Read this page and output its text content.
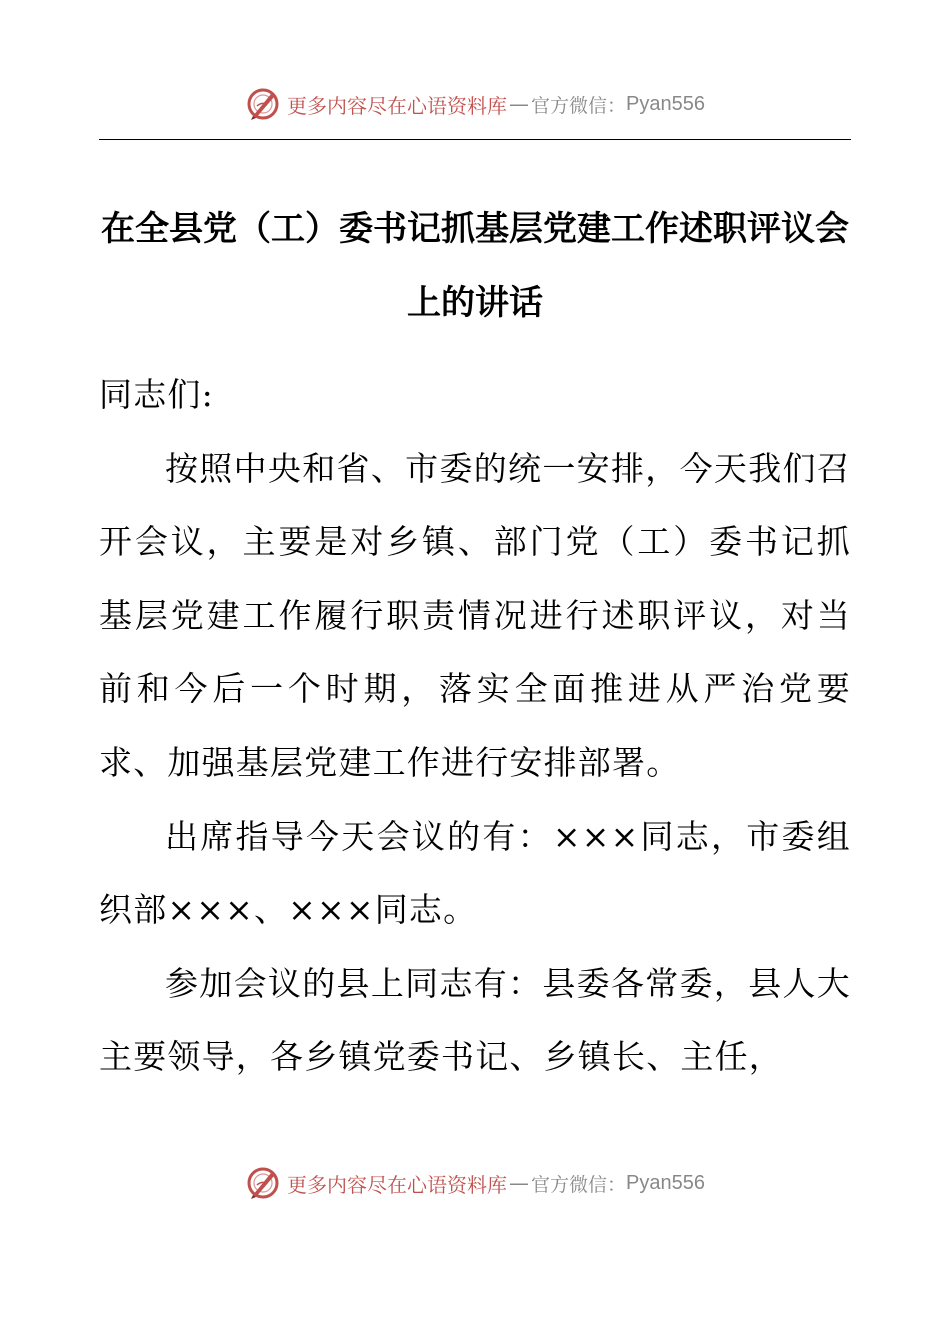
更多内容尽在心语资料库 — 官方微信： Pyan556
在全县党（工）委书记抓基层党建工作述职评议会上的讲话

同志们:

按照中央和省、市委的统一安排，今天我们召开会议，主要是对乡镇、部门党（工）委书记抓基层党建工作履行职责情况进行述职评议，对当前和今后一个时期，落实全面推进从严治党要求、加强基层党建工作进行安排部署。

出席指导今天会议的有：×××同志，市委组织部×××、×××同志。

参加会议的县上同志有：县委各常委，县人大主要领导，各乡镇党委书记、乡镇长、主任，

更多内容尽在心语资料库 — 官方微信： Pyan556
